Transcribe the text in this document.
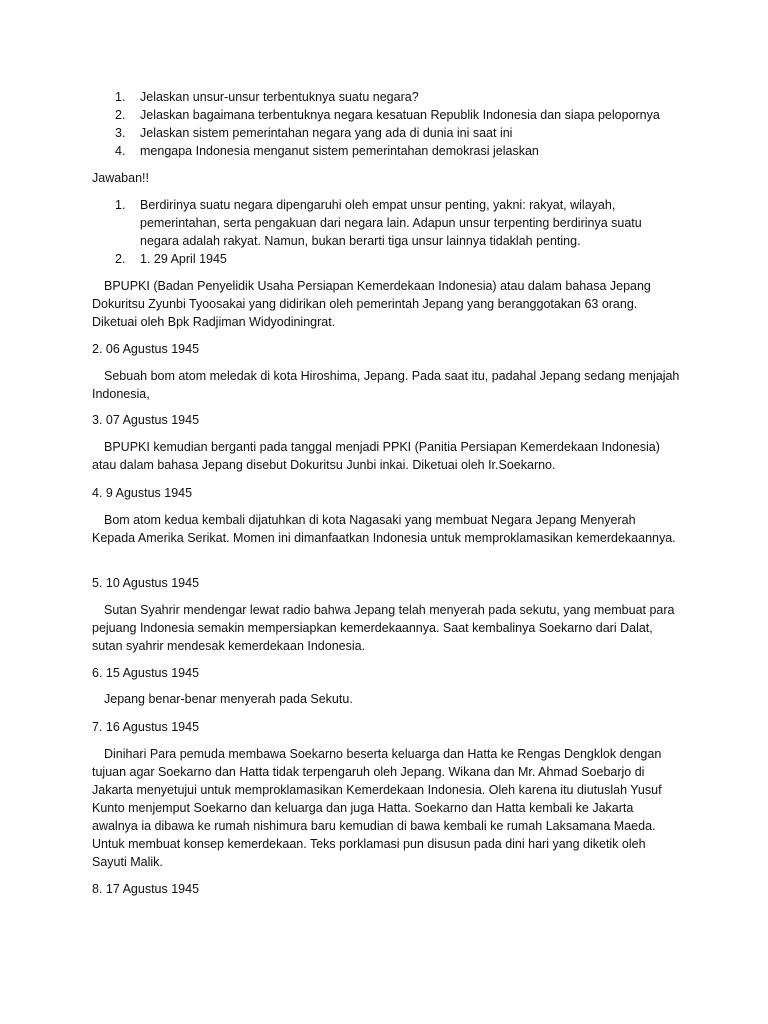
1.	Jelaskan unsur-unsur terbentuknya suatu negara?
2.	Jelaskan bagaimana terbentuknya negara kesatuan Republik Indonesia dan siapa pelopornya
3.	Jelaskan sistem pemerintahan negara yang ada di dunia ini saat ini
4.	mengapa Indonesia menganut sistem pemerintahan demokrasi jelaskan
Jawaban!!
1.	Berdirinya suatu negara dipengaruhi oleh empat unsur penting, yakni: rakyat, wilayah, pemerintahan, serta pengakuan dari negara lain. Adapun unsur terpenting berdirinya suatu negara adalah rakyat. Namun, bukan berarti tiga unsur lainnya tidaklah penting.
2.	1. 29 April 1945
BPUPKI (Badan Penyelidik Usaha Persiapan Kemerdekaan Indonesia) atau dalam bahasa Jepang Dokuritsu Zyunbi Tyoosakai yang didirikan oleh pemerintah Jepang yang beranggotakan 63 orang. Diketuai oleh Bpk Radjiman Widyodiningrat.
2. 06 Agustus 1945
Sebuah bom atom meledak di kota Hiroshima, Jepang. Pada saat itu, padahal Jepang sedang menjajah Indonesia,
3. 07 Agustus 1945
BPUPKI kemudian berganti pada tanggal menjadi PPKI (Panitia Persiapan Kemerdekaan Indonesia) atau dalam bahasa Jepang disebut Dokuritsu Junbi inkai. Diketuai oleh Ir.Soekarno.
4. 9 Agustus 1945
Bom atom kedua kembali dijatuhkan di kota Nagasaki yang membuat Negara Jepang Menyerah Kepada Amerika Serikat. Momen ini dimanfaatkan Indonesia untuk memproklamasikan kemerdekaannya.
5. 10 Agustus 1945
Sutan Syahrir mendengar lewat radio bahwa Jepang telah menyerah pada sekutu, yang membuat para pejuang Indonesia semakin mempersiapkan kemerdekaannya. Saat kembalinya Soekarno dari Dalat, sutan syahrir mendesak kemerdekaan Indonesia.
6. 15 Agustus 1945
Jepang benar-benar menyerah pada Sekutu.
7. 16 Agustus 1945
Dinihari Para pemuda membawa Soekarno beserta keluarga dan Hatta ke Rengas Dengklok dengan tujuan agar Soekarno dan Hatta tidak terpengaruh oleh Jepang. Wikana dan Mr. Ahmad Soebarjo di Jakarta menyetujui untuk memproklamasikan Kemerdekaan Indonesia. Oleh karena itu diutuslah Yusuf Kunto menjemput Soekarno dan keluarga dan juga Hatta. Soekarno dan Hatta kembali ke Jakarta awalnya ia dibawa ke rumah nishimura baru kemudian di bawa kembali ke rumah Laksamana Maeda. Untuk membuat konsep kemerdekaan. Teks porklamasi pun disusun pada dini hari yang diketik oleh Sayuti Malik.
8. 17 Agustus 1945
